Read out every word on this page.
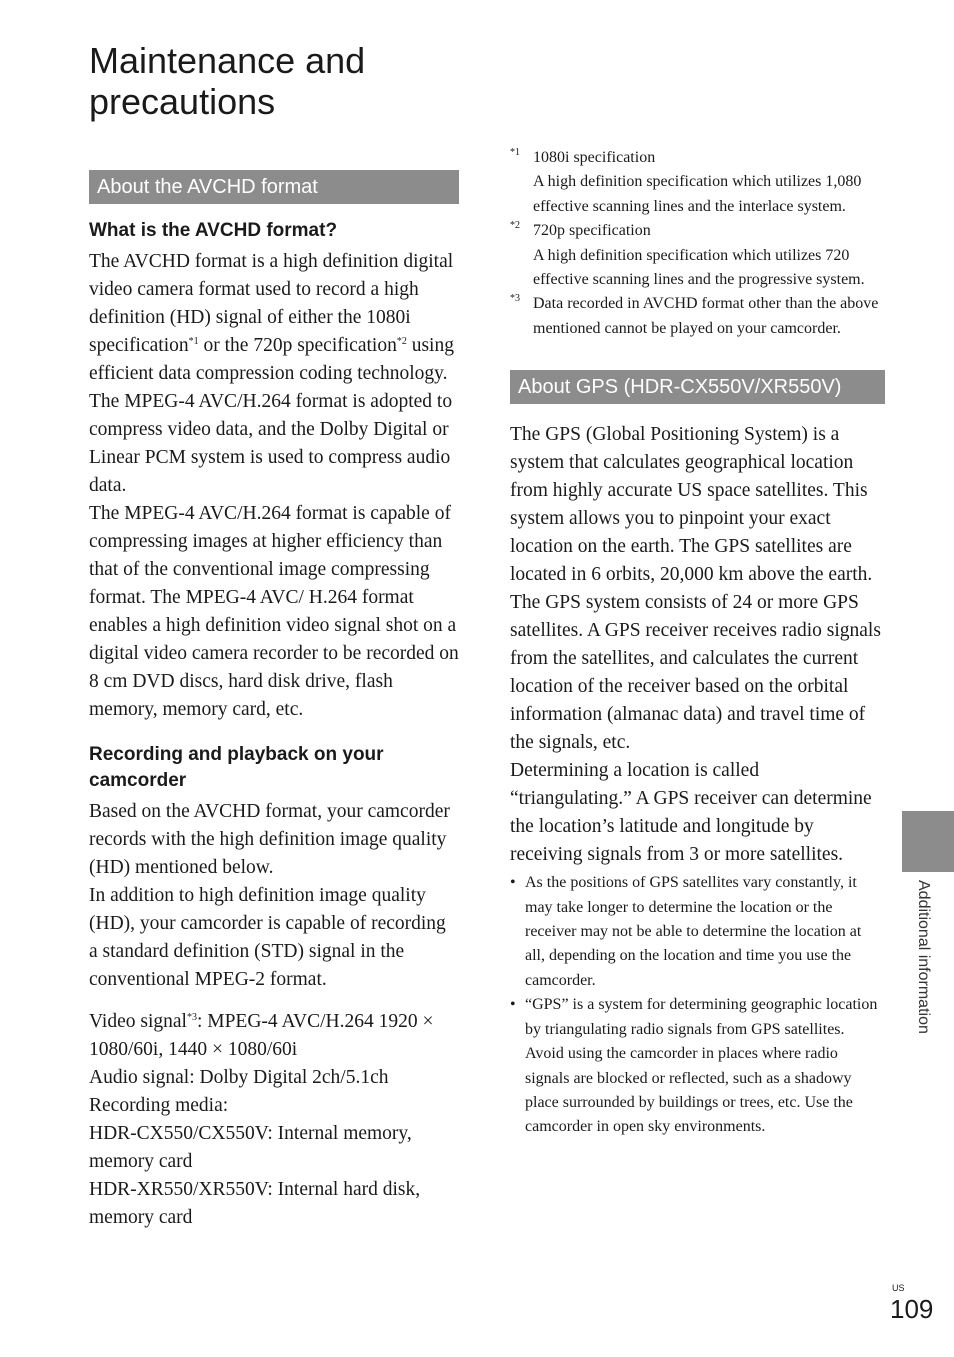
Maintenance and
precautions
About the AVCHD format
What is the AVCHD format?

The AVCHD format is a high definition digital video camera format used to record a high definition (HD) signal of either the 1080i specification$^{*1}$ or the 720p specification$^{*2}$ using efficient data compression coding technology. The MPEG-4 AVC/H.264 format is adopted to compress video data, and the Dolby Digital or Linear PCM system is used to compress audio data.

The MPEG-4 AVC/H.264 format is capable of compressing images at higher efficiency than that of the conventional image compressing format. The MPEG-4 AVC/ H.264 format enables a high definition video signal shot on a digital video camera recorder to be recorded on 8 cm DVD discs, hard disk drive, flash memory, memory card, etc.

Recording and playback on your camcorder

Based on the AVCHD format, your camcorder records with the high definition image quality (HD) mentioned below.

In addition to high definition image quality (HD), your camcorder is capable of recording a standard definition (STD) signal in the conventional MPEG-2 format.

Video signal$^{*3}$: MPEG-4 AVC/H.264 1920 × 1080/60i, 1440 × 1080/60i

Audio signal: Dolby Digital 2ch/5.1ch

Recording media:

HDR-CX550/CX550V: Internal memory, memory card

HDR-XR550/XR550V: Internal hard disk, memory card

*1 1080i specification
A high definition specification which utilizes 1,080 effective scanning lines and the interlace system.
*2 720p specification
A high definition specification which utilizes 720 effective scanning lines and the progressive system.
*3 Data recorded in AVCHD format other than the above mentioned cannot be played on your camcorder.
About GPS (HDR-CX550V/XR550V)

The GPS (Global Positioning System) is a system that calculates geographical location from highly accurate US space satellites. This system allows you to pinpoint your exact location on the earth. The GPS satellites are located in 6 orbits, 20,000 km above the earth. The GPS system consists of 24 or more GPS satellites. A GPS receiver receives radio signals from the satellites, and calculates the current location of the receiver based on the orbital information (almanac data) and travel time of the signals, etc.

Determining a location is called “triangulating.” A GPS receiver can determine the location’s latitude and longitude by receiving signals from 3 or more satellites.

• As the positions of GPS satellites vary constantly, it may take longer to determine the location or the receiver may not be able to determine the location at all, depending on the location and time you use the camcorder.
• “GPS” is a system for determining geographic location by triangulating radio signals from GPS satellites. Avoid using the camcorder in places where radio signals are blocked or reflected, such as a shadowy place surrounded by buildings or trees, etc. Use the camcorder in open sky environments.
Additional information
US
109
